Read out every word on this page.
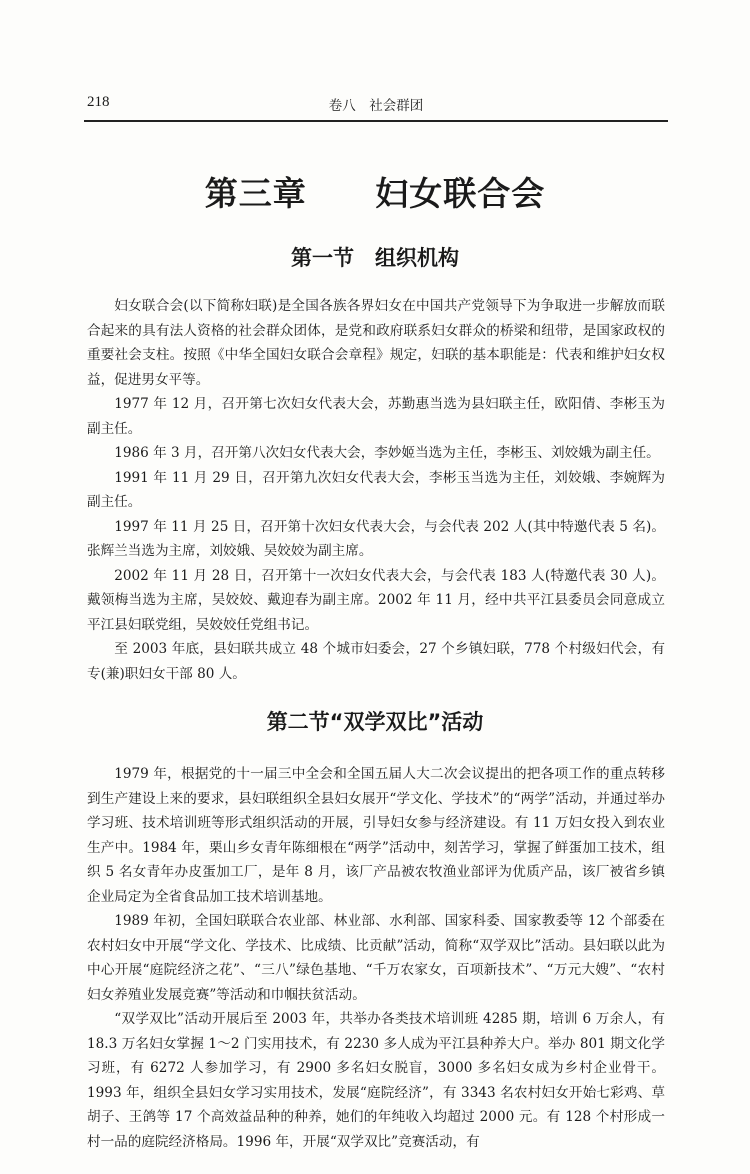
218	卷八　社会群团
第三章　 妇女联合会
第一节　组织机构

妇女联合会(以下简称妇联)是全国各族各界妇女在中国共产党领导下为争取进一步解放而联合起来的具有法人资格的社会群众团体，是党和政府联系妇女群众的桥梁和纽带，是国家政权的重要社会支柱。按照《中华全国妇女联合会章程》规定，妇联的基本职能是：代表和维护妇女权益，促进男女平等。

1977 年 12 月，召开第七次妇女代表大会，苏勤惠当选为县妇联主任，欧阳倩、李彬玉为副主任。

1986 年 3 月，召开第八次妇女代表大会，李妙姬当选为主任，李彬玉、刘姣娥为副主任。

1991 年 11 月 29 日，召开第九次妇女代表大会，李彬玉当选为主任，刘姣娥、李婉辉为副主任。

1997 年 11 月 25 日，召开第十次妇女代表大会，与会代表 202 人(其中特邀代表 5 名)。张辉兰当选为主席，刘姣娥、吴姣姣为副主席。

2002 年 11 月 28 日，召开第十一次妇女代表大会，与会代表 183 人(特邀代表 30 人)。戴领梅当选为主席，吴姣姣、戴迎春为副主席。2002 年 11 月，经中共平江县委员会同意成立平江县妇联党组，吴姣姣任党组书记。

至 2003 年底，县妇联共成立 48 个城市妇委会，27 个乡镇妇联，778 个村级妇代会，有专(兼)职妇女干部 80 人。

第二节“双学双比”活动

1979 年，根据党的十一届三中全会和全国五届人大二次会议提出的把各项工作的重点转移到生产建设上来的要求，县妇联组织全县妇女展开“学文化、学技术”的“两学”活动，并通过举办学习班、技术培训班等形式组织活动的开展，引导妇女参与经济建设。有 11 万妇女投入到农业生产中。1984 年，栗山乡女青年陈细根在“两学”活动中，刻苦学习，掌握了鲜蛋加工技术，组织 5 名女青年办皮蛋加工厂，是年 8 月，该厂产品被农牧渔业部评为优质产品，该厂被省乡镇企业局定为全省食品加工技术培训基地。

1989 年初，全国妇联联合农业部、林业部、水利部、国家科委、国家教委等 12 个部委在农村妇女中开展“学文化、学技术、比成绩、比贡献”活动，简称“双学双比”活动。县妇联以此为中心开展“庭院经济之花”、“三八”绿色基地、“千万农家女，百项新技术”、“万元大嫂”、“农村妇女养殖业发展竞赛”等活动和巾帼扶贫活动。

“双学双比”活动开展后至 2003 年，共举办各类技术培训班 4285 期，培训 6 万余人，有 18.3 万名妇女掌握 1～2 门实用技术，有 2230 多人成为平江县种养大户。举办 801 期文化学习班，有 6272 人参加学习，有 2900 多名妇女脱盲，3000 多名妇女成为乡村企业骨干。1993 年，组织全县妇女学习实用技术，发展“庭院经济”，有 3343 名农村妇女开始七彩鸡、草胡子、王鸽等 17 个高效益品种的种养，她们的年纯收入均超过 2000 元。有 128 个村形成一村一品的庭院经济格局。1996 年，开展“双学双比”竞赛活动，有
